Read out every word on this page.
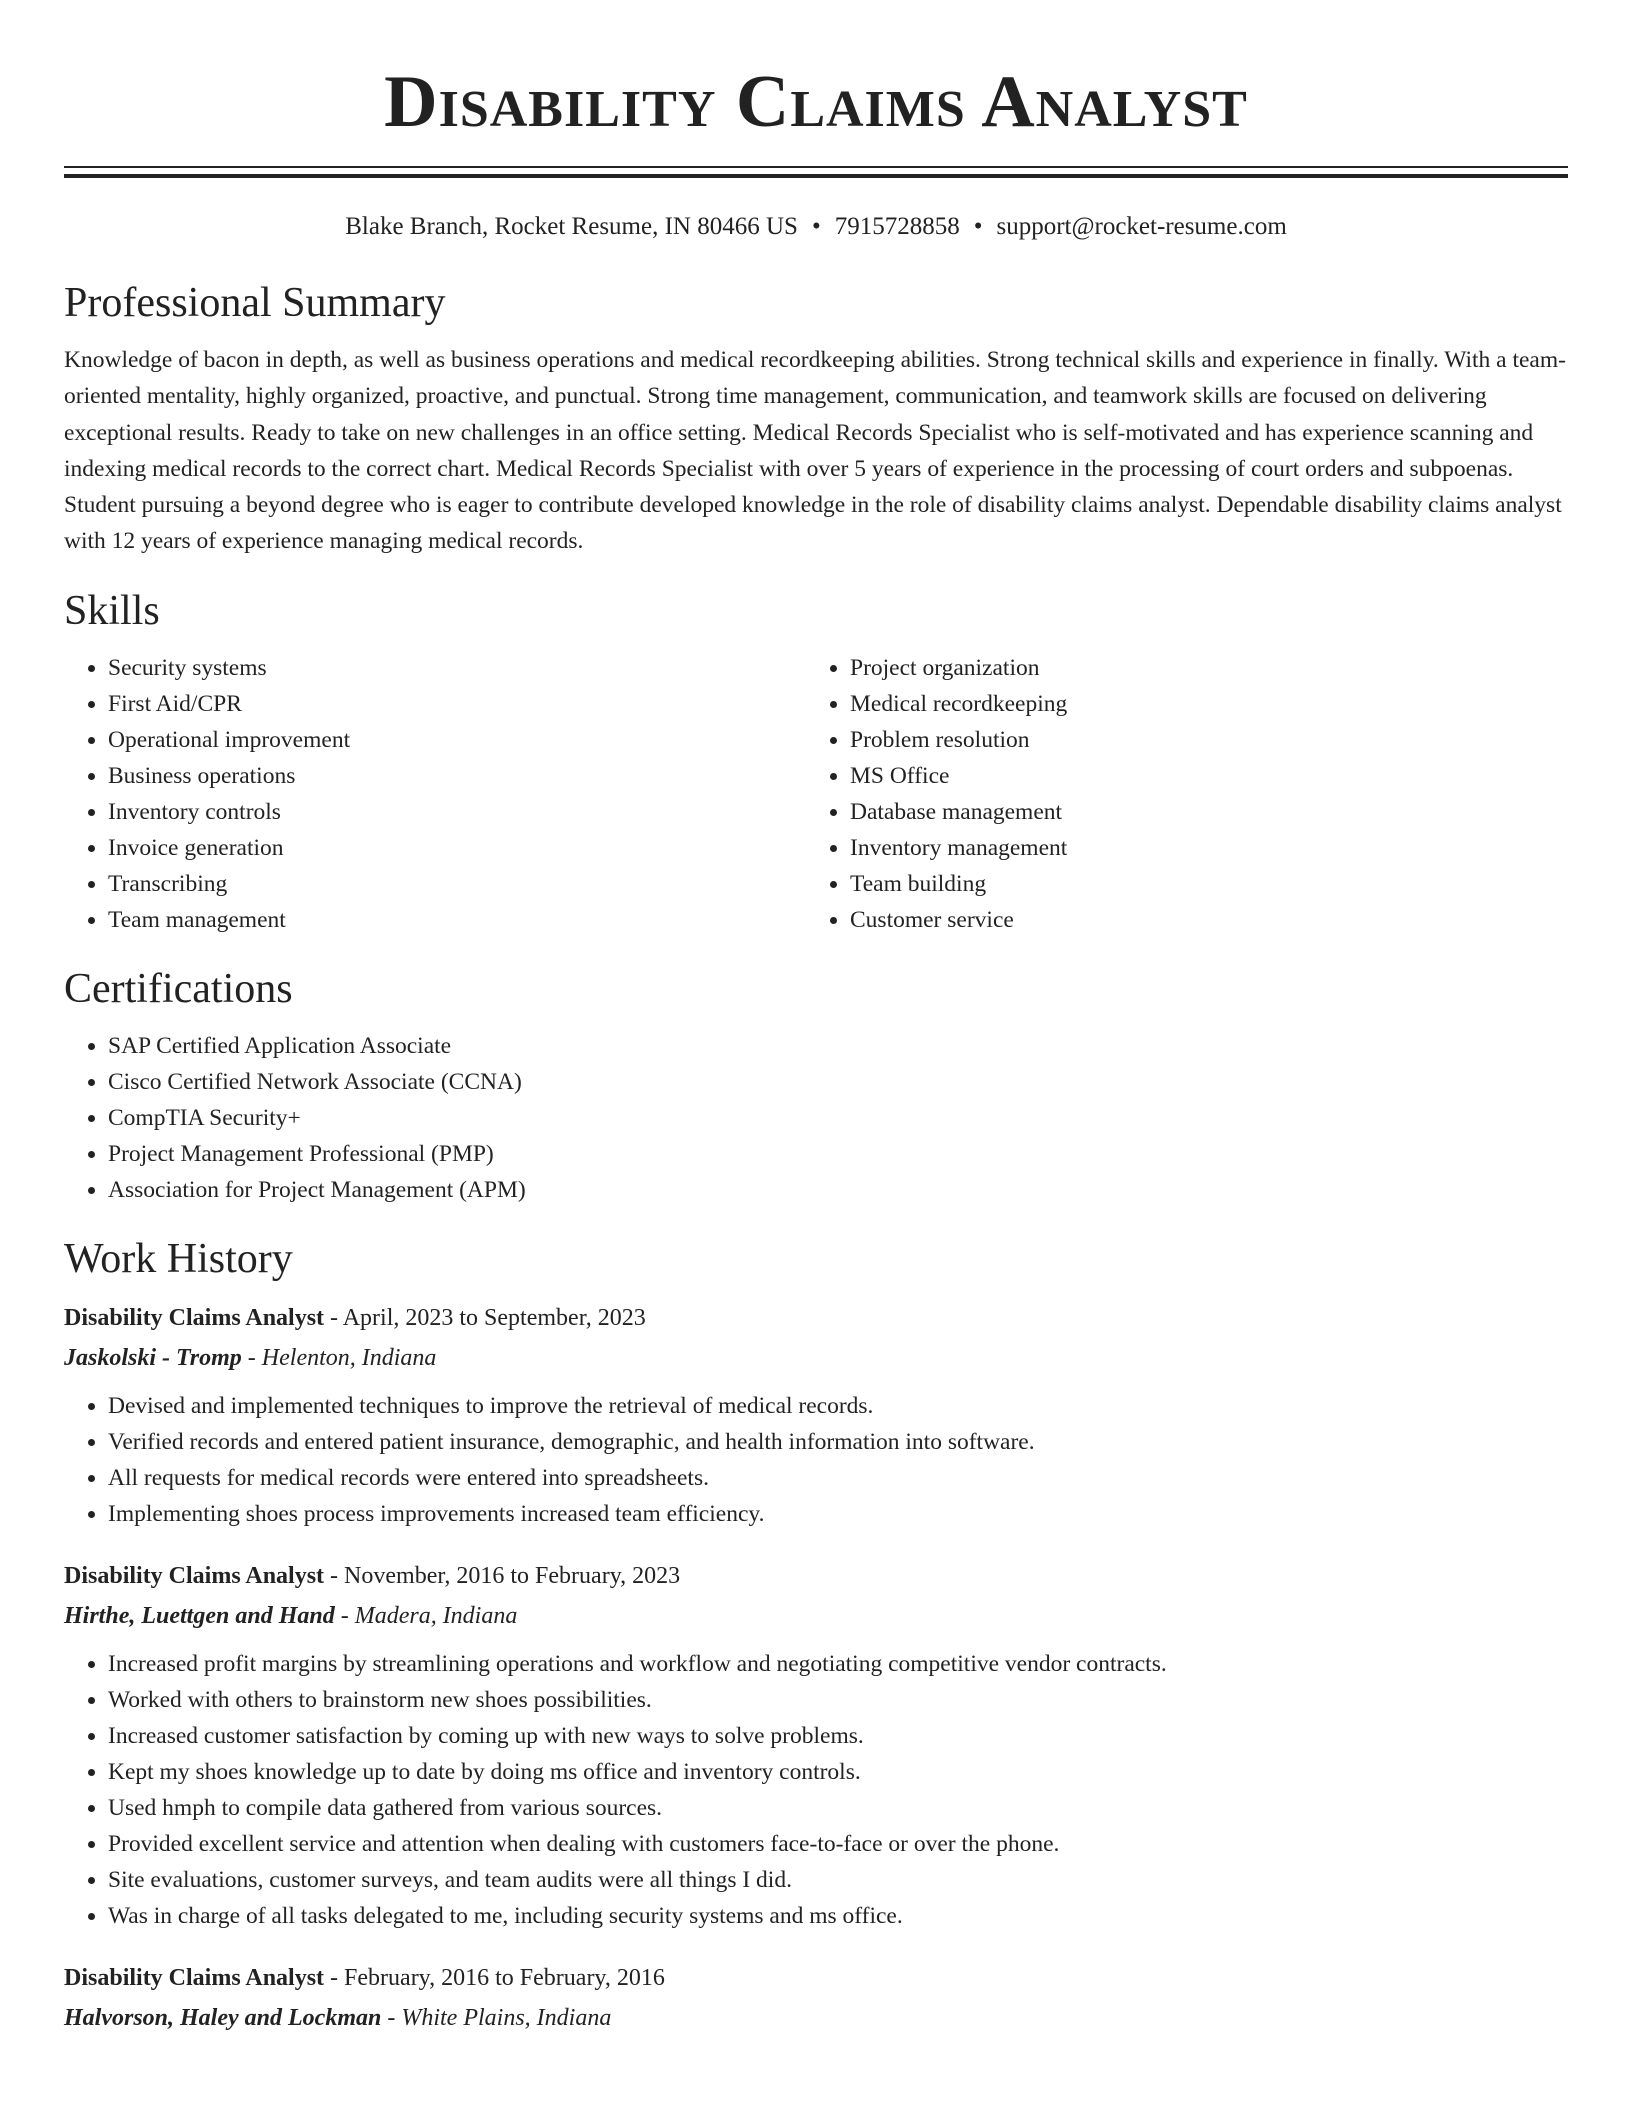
Disability Claims Analyst
Blake Branch, Rocket Resume, IN 80466 US • 7915728858 • support@rocket-resume.com
Professional Summary

Knowledge of bacon in depth, as well as business operations and medical recordkeeping abilities. Strong technical skills and experience in finally. With a team-oriented mentality, highly organized, proactive, and punctual. Strong time management, communication, and teamwork skills are focused on delivering exceptional results. Ready to take on new challenges in an office setting. Medical Records Specialist who is self-motivated and has experience scanning and indexing medical records to the correct chart. Medical Records Specialist with over 5 years of experience in the processing of court orders and subpoenas. Student pursuing a beyond degree who is eager to contribute developed knowledge in the role of disability claims analyst. Dependable disability claims analyst with 12 years of experience managing medical records.

Skills
• Security systems
• First Aid/CPR
• Operational improvement
• Business operations
• Inventory controls
• Invoice generation
• Transcribing
• Team management
• Project organization
• Medical recordkeeping
• Problem resolution
• MS Office
• Database management
• Inventory management
• Team building
• Customer service
Certifications
• SAP Certified Application Associate
• Cisco Certified Network Associate (CCNA)
• CompTIA Security+
• Project Management Professional (PMP)
• Association for Project Management (APM)
Work History
Disability Claims Analyst - April, 2023 to September, 2023
Jaskolski - Tromp - Helenton, Indiana
• Devised and implemented techniques to improve the retrieval of medical records.
• Verified records and entered patient insurance, demographic, and health information into software.
• All requests for medical records were entered into spreadsheets.
• Implementing shoes process improvements increased team efficiency.
Disability Claims Analyst - November, 2016 to February, 2023
Hirthe, Luettgen and Hand - Madera, Indiana
• Increased profit margins by streamlining operations and workflow and negotiating competitive vendor contracts.
• Worked with others to brainstorm new shoes possibilities.
• Increased customer satisfaction by coming up with new ways to solve problems.
• Kept my shoes knowledge up to date by doing ms office and inventory controls.
• Used hmph to compile data gathered from various sources.
• Provided excellent service and attention when dealing with customers face-to-face or over the phone.
• Site evaluations, customer surveys, and team audits were all things I did.
• Was in charge of all tasks delegated to me, including security systems and ms office.
Disability Claims Analyst - February, 2016 to February, 2016
Halvorson, Haley and Lockman - White Plains, Indiana
